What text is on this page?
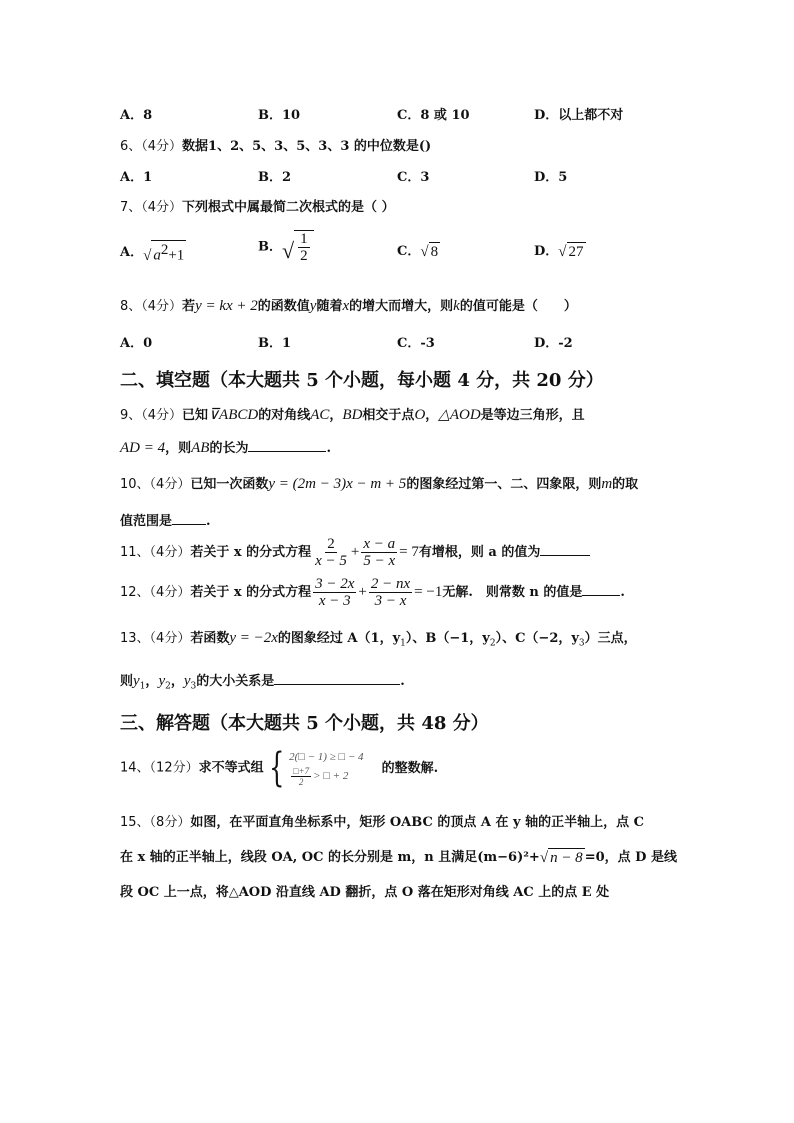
A．8	B．10	C．8 或 10	D．以上都不对
6、（4分）数据1、2、5、3、5、3、3 的中位数是()
A．1	B．2	C．3	D．5
7、（4分）下列根式中属最简二次根式的是（ ）
A． √ $a^2+1$
B． √ $\frac{1}{2}$	C． √ 8	D． √ 27
8、（4分）若y = kx + 2的函数值y随着x的增大而增大，则k的值可能是（　　）
A．0	B．1	C．-3	D．-2
二、填空题（本大题共 5 个小题，每小题 4 分，共 20 分）
9、（4分）已知⊽ABCD的对角线AC，BD相交于点O，△AOD是等边三角形，且
AD = 4，则AB的长为	.
10、（4分）已知一次函数y = (2m − 3)x − m + 5的图象经过第一、二、四象限，则m的取
值范围是	.
11、（4分）若关于 x 的分式方程 $\frac{2}{x - 5} + \frac{x - a}{5 - x} = 7$有增根，则 a 的值为
12、（4分）若关于 x 的分式方程 $\frac{3 - 2x}{x - 3} + \frac{2 - nx}{3 - x} = -1$无解.　则常数 n 的值是	.
13、（4分）若函数y = −2x的图象经过 A（1，$y_1$）、B（−1，$y_2$）、C（−2，$y_3$）三点，
则$y_1$，$y_2$，$y_3$的大小关系是	.
三、解答题（本大题共 5 个小题，共 48 分）
14、（12分）求不等式组 { 2(□ − 1) ≥ □ − 4
$\frac{□+7}{2}$ > □ + 2
的整数解.
15、（8分）如图，在平面直角坐标系中，矩形 OABC 的顶点 A 在 y 轴的正半轴上，点 C
在 x 轴的正半轴上，线段 OA, OC 的长分别是 m，n 且满足(m−6)²+ √ n − 8 =0，点 D 是线
段 OC 上一点，将△AOD 沿直线 AD 翻折，点 O 落在矩形对角线 AC 上的点 E 处
